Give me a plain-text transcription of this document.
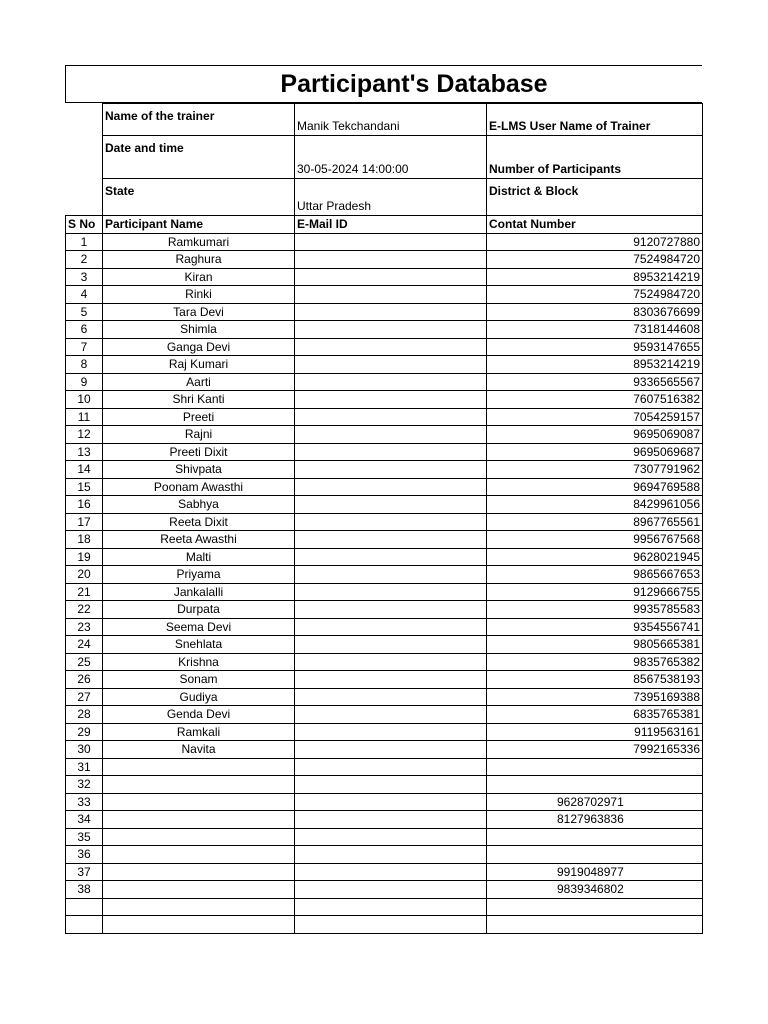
Participant's Database
	Name of the trainer	Manik Tekchandani	E-LMS User Name of Trainer
	Date and time	30-05-2024 14:00:00	Number of Participants
	State	Uttar Pradesh	District & Block
S No	Participant Name	E-Mail ID	Contat Number
1	Ramkumari		9120727880
2	Raghura		7524984720
3	Kiran		8953214219
4	Rinki		7524984720
5	Tara Devi		8303676699
6	Shimla		7318144608
7	Ganga Devi		9593147655
8	Raj Kumari		8953214219
9	Aarti		9336565567
10	Shri Kanti		7607516382
11	Preeti		7054259157
12	Rajni		9695069087
13	Preeti Dixit		9695069687
14	Shivpata		7307791962
15	Poonam Awasthi		9694769588
16	Sabhya		8429961056
17	Reeta Dixit		8967765561
18	Reeta Awasthi		9956767568
19	Malti		9628021945
20	Priyama		9865667653
21	Jankalalli		9129666755
22	Durpata		9935785583
23	Seema Devi		9354556741
24	Snehlata		9805665381
25	Krishna		9835765382
26	Sonam		8567538193
27	Gudiya		7395169388
28	Genda Devi		6835765381
29	Ramkali		9119563161
30	Navita		7992165336
31			
32			
33			9628702971
34			8127963836
35			
36			
37			9919048977
38			9839346802
